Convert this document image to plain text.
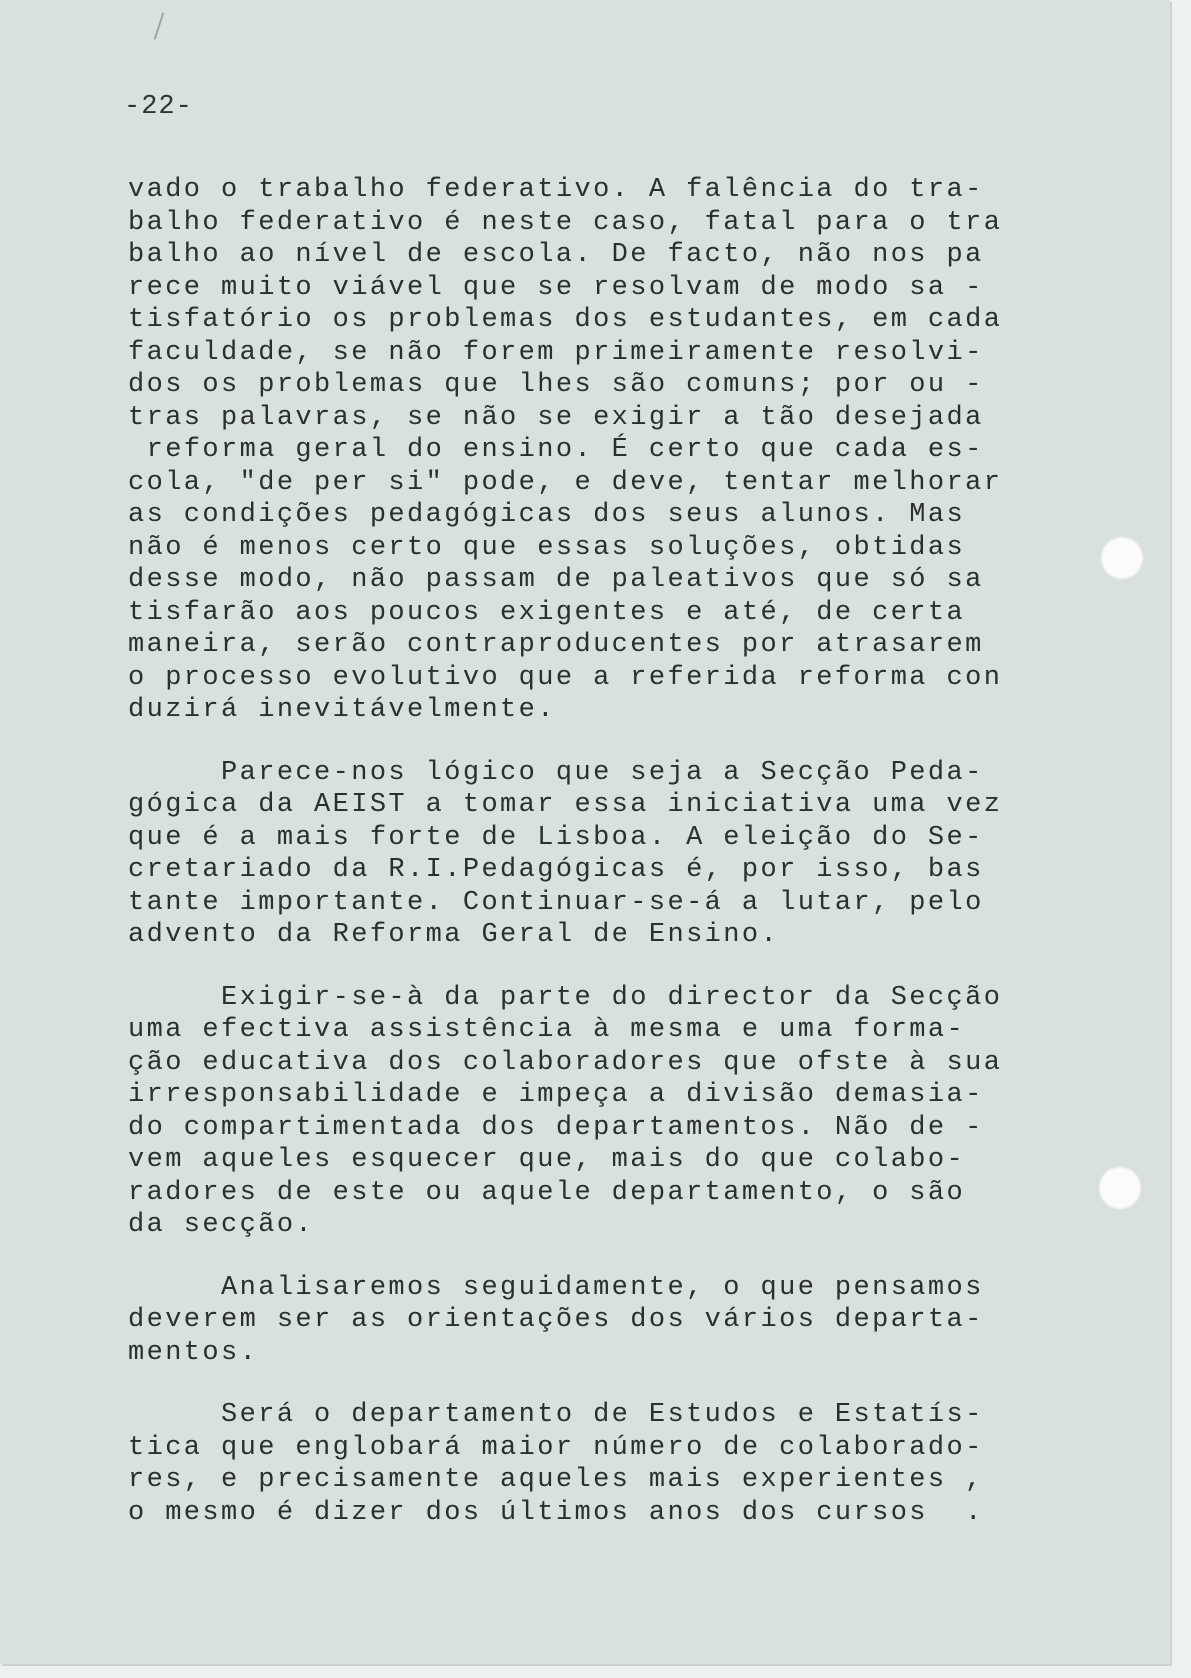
-22-
vado o trabalho federativo. A falência do tra-
balho federativo é neste caso, fatal para o tra
balho ao nível de escola. De facto, não nos pa
rece muito viável que se resolvam de modo sa -
tisfatório os problemas dos estudantes, em cada
faculdade, se não forem primeiramente resolvi-
dos os problemas que lhes são comuns; por ou -
tras palavras, se não se exigir a tão desejada
reforma geral do ensino. É certo que cada es-
cola, "de per si" pode, e deve, tentar melhorar
as condições pedagógicas dos seus alunos. Mas
não é menos certo que essas soluções, obtidas
desse modo, não passam de paleativos que só sa
tisfarão aos poucos exigentes e até, de certa
maneira, serão contraproducentes por atrasarem
o processo evolutivo que a referida reforma con
duzirá inevitávelmente.
Parece-nos lógico que seja a Secção Peda-
gógica da AEIST a tomar essa iniciativa uma vez
que é a mais forte de Lisboa. A eleição do Se-
cretariado da R.I.Pedagógicas é, por isso, bas
tante importante. Continuar-se-á a lutar, pelo
advento da Reforma Geral de Ensino.
Exigir-se-à da parte do director da Secção
uma efectiva assistência à mesma e uma forma-
ção educativa dos colaboradores que ofste à sua
irresponsabilidade e impeça a divisão demasia-
do compartimentada dos departamentos. Não de -
vem aqueles esquecer que, mais do que colabo-
radores de este ou aquele departamento, o são
da secção.
Analisaremos seguidamente, o que pensamos
deverem ser as orientações dos vários departa-
mentos.
Será o departamento de Estudos e Estatís-
tica que englobará maior número de colaborado-
res, e precisamente aqueles mais experientes ,
o mesmo é dizer dos últimos anos dos cursos  .
